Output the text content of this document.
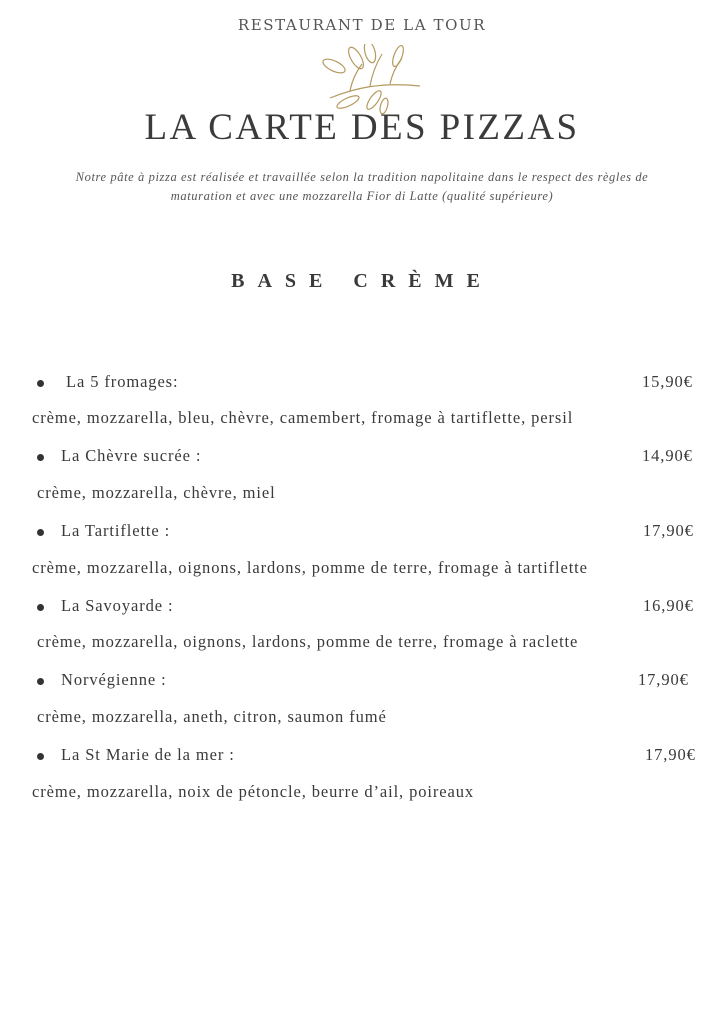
RESTAURANT DE LA TOUR
LA CARTE DES PIZZAS
Notre pâte à pizza est réalisée et travaillée selon la tradition napolitaine dans le respect des règles de maturation et avec une mozzarella Fior di Latte (qualité supérieure)
BASE CRÈME
La 5 fromages:	15,90€
crème, mozzarella, bleu, chèvre, camembert, fromage à tartiflette, persil
La Chèvre sucrée :	14,90€
crème, mozzarella, chèvre, miel
La Tartiflette :	17,90€
crème, mozzarella, oignons, lardons, pomme de terre, fromage à tartiflette
La Savoyarde :	16,90€
crème, mozzarella, oignons, lardons, pomme de terre, fromage à raclette
Norvégienne :	17,90€
crème, mozzarella, aneth, citron, saumon fumé
La St Marie de la mer :	17,90€
crème, mozzarella, noix de pétoncle, beurre d’ail, poireaux
